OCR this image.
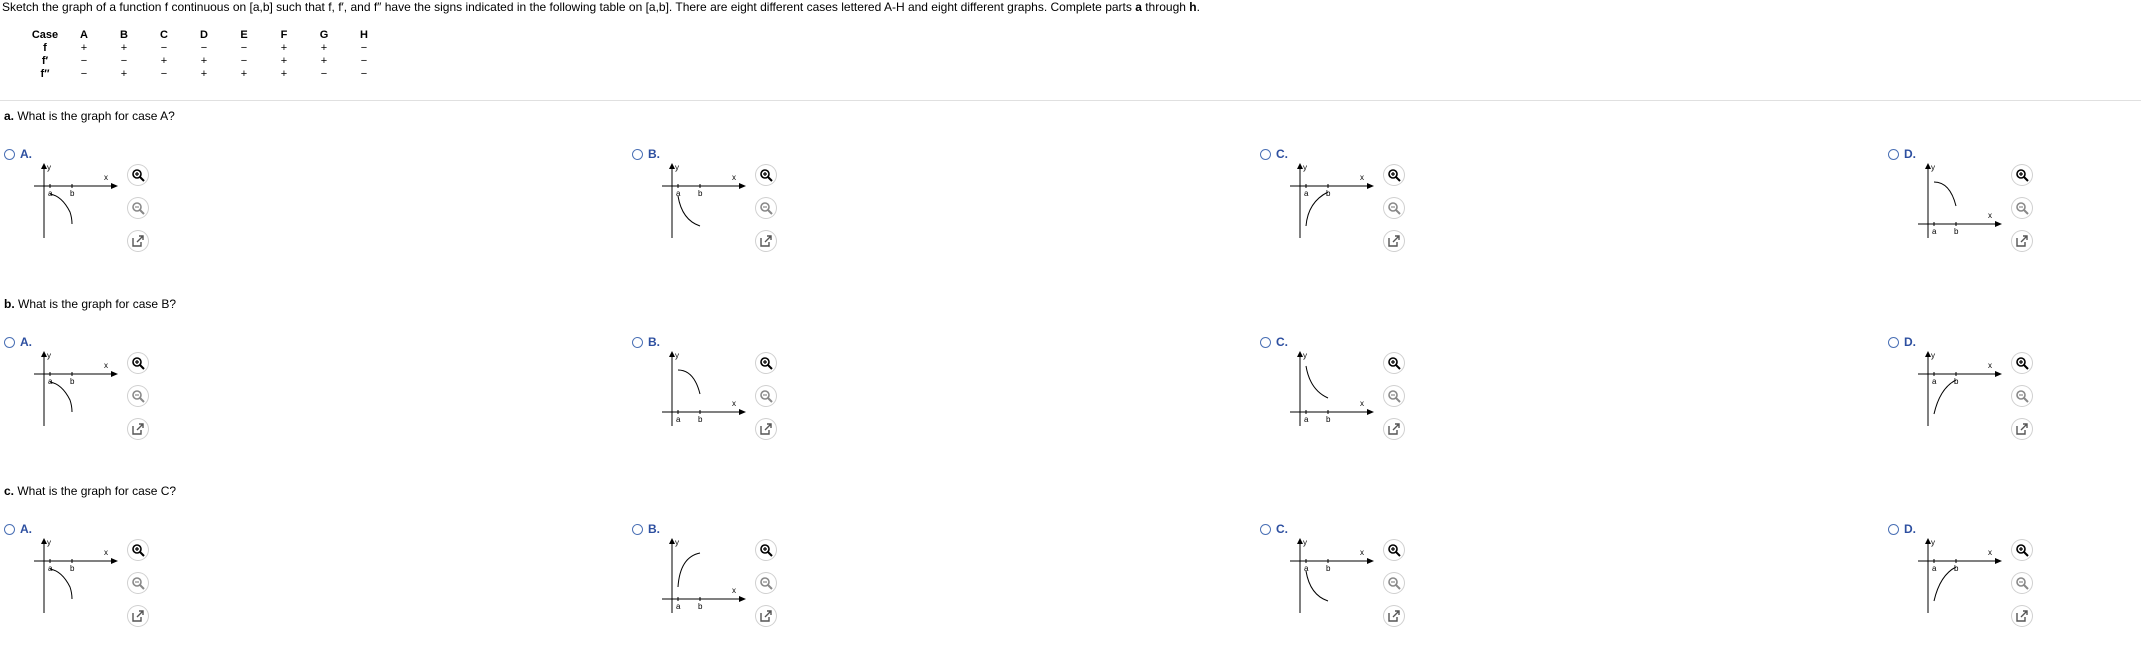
Sketch the graph of a function f continuous on [a,b] such that f, f′, and f″ have the signs indicated in the following table on [a,b]. There are eight different cases lettered A-H and eight different graphs. Complete parts a through h.
Case	A	B	C	D	E	F	G	H
f	+	+	−	−	−	+	+	−
f′	−	−	+	+	−	+	+	−
f″	−	+	−	+	+	+	−	−
a. What is the graph for case A?
A.
y
x
a b
B.
y
x
a b
C.
y
x
a b
D.
y
x
a b
b. What is the graph for case B?
A.
y
x
a b
B.
y
x
a b
C.
y
x
a b
D.
y
x
a b
c. What is the graph for case C?
A.
y
x
a b
B.
y
x
a b
C.
y
x
a b
D.
y
x
a b
